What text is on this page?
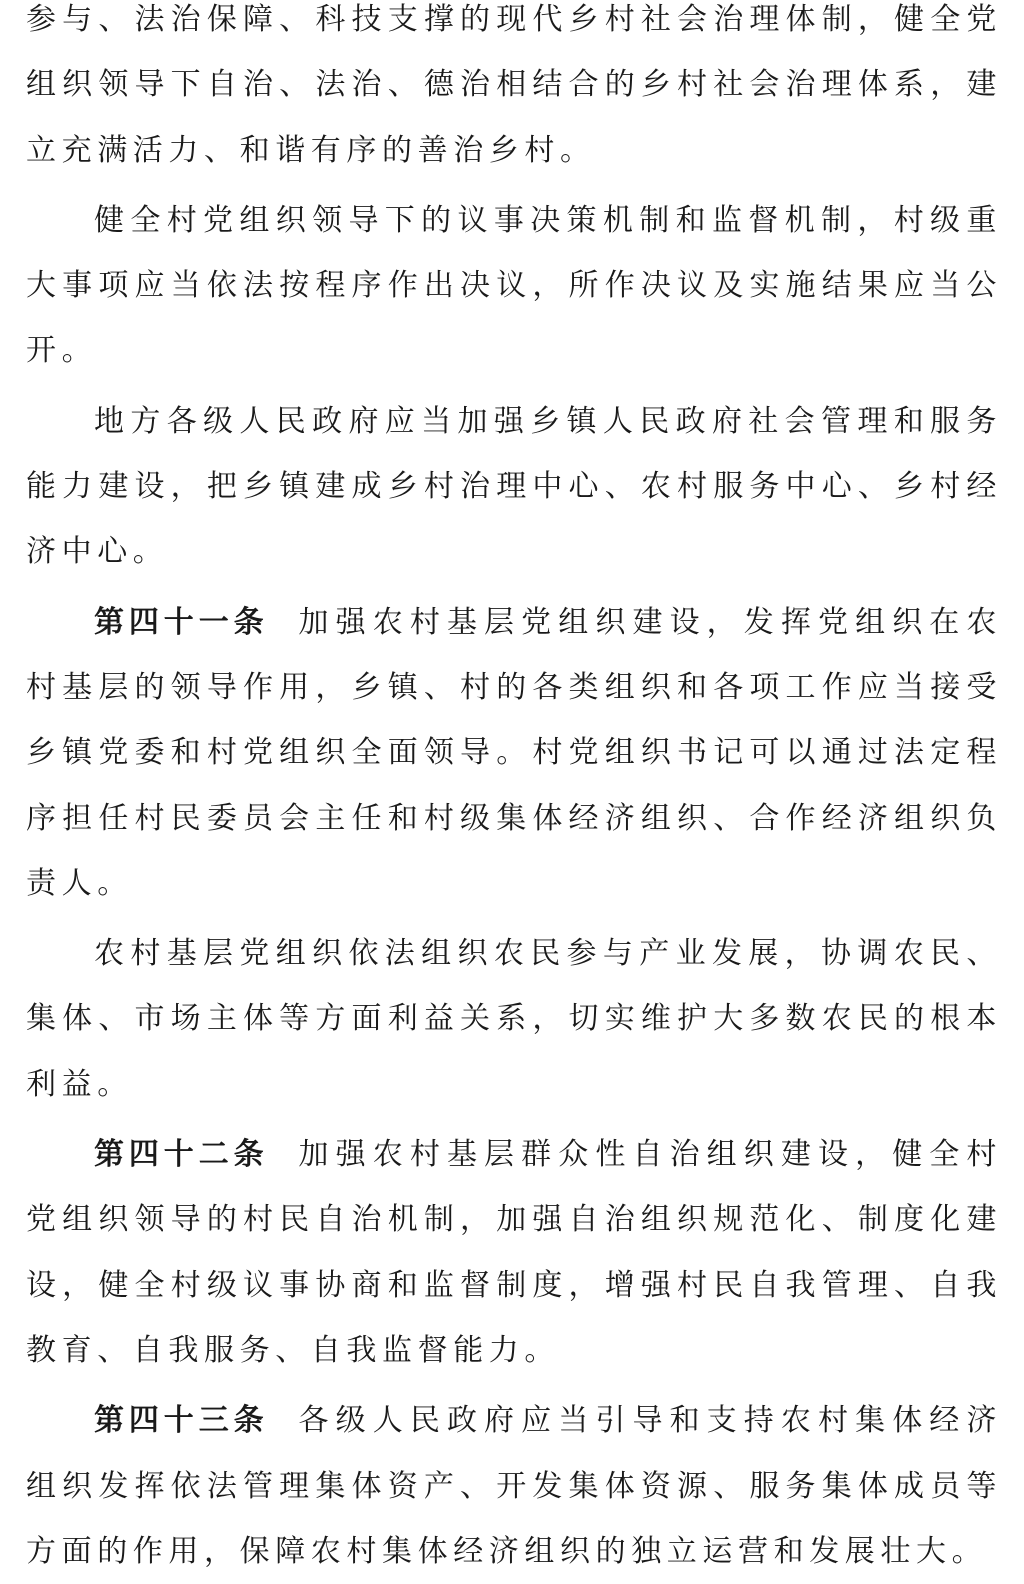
参与、法治保障、科技支撑的现代乡村社会治理体制，健全党组织领导下自治、法治、德治相结合的乡村社会治理体系，建立充满活力、和谐有序的善治乡村。

健全村党组织领导下的议事决策机制和监督机制，村级重大事项应当依法按程序作出决议，所作决议及实施结果应当公开。

地方各级人民政府应当加强乡镇人民政府社会管理和服务能力建设，把乡镇建成乡村治理中心、农村服务中心、乡村经济中心。

第四十一条 加强农村基层党组织建设，发挥党组织在农村基层的领导作用，乡镇、村的各类组织和各项工作应当接受乡镇党委和村党组织全面领导。村党组织书记可以通过法定程序担任村民委员会主任和村级集体经济组织、合作经济组织负责人。

农村基层党组织依法组织农民参与产业发展，协调农民、集体、市场主体等方面利益关系，切实维护大多数农民的根本利益。

第四十二条 加强农村基层群众性自治组织建设，健全村党组织领导的村民自治机制，加强自治组织规范化、制度化建设，健全村级议事协商和监督制度，增强村民自我管理、自我教育、自我服务、自我监督能力。

第四十三条 各级人民政府应当引导和支持农村集体经济组织发挥依法管理集体资产、开发集体资源、服务集体成员等方面的作用，保障农村集体经济组织的独立运营和发展壮大。
